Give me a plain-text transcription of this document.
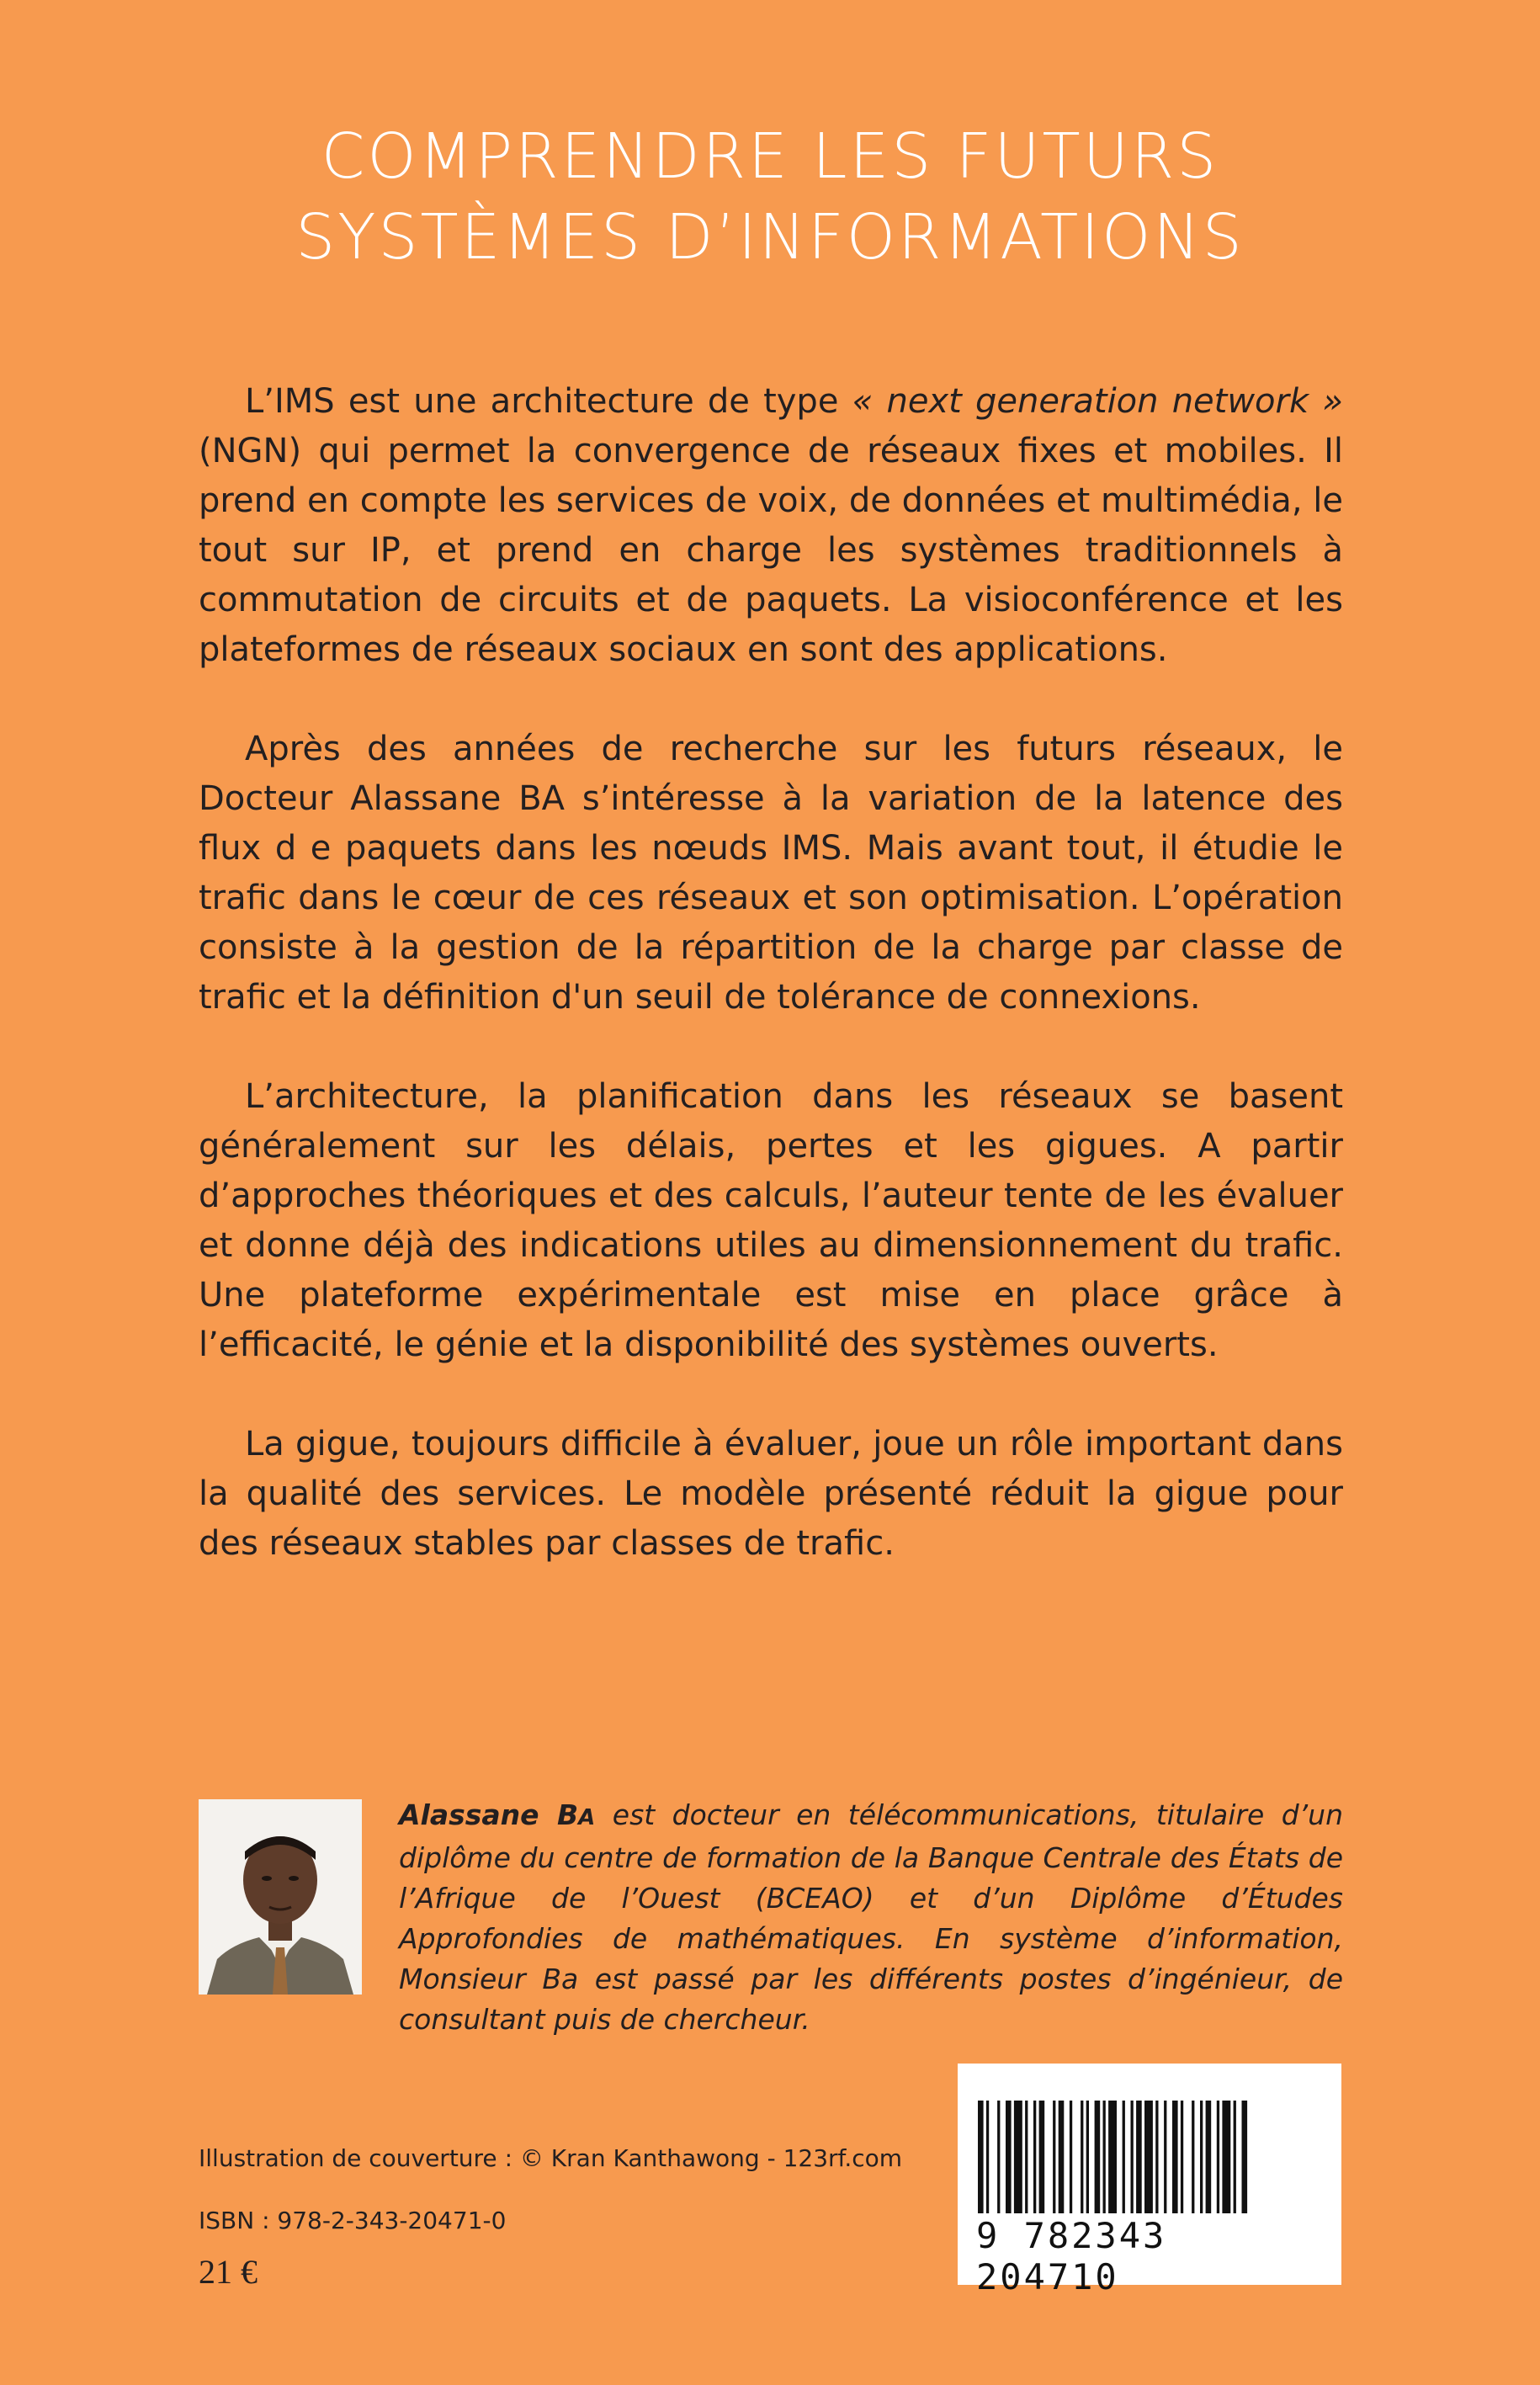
COMPRENDRE LES FUTURS
SYSTÈMES D’INFORMATIONS

L’IMS est une architecture de type « next generation network » (NGN) qui permet la convergence de réseaux fixes et mobiles. Il prend en compte les services de voix, de données et multimédia, le tout sur IP, et prend en charge les systèmes traditionnels à commutation de circuits et de paquets. La visioconférence et les plateformes de réseaux sociaux en sont des applications.

Après des années de recherche sur les futurs réseaux, le Docteur Alassane BA s’intéresse à la variation de la latence des flux d e paquets dans les nœuds IMS. Mais avant tout, il étudie le trafic dans le cœur de ces réseaux et son optimisation. L’opération consiste à la gestion de la répartition de la charge par classe de trafic et la définition d'un seuil de tolérance de connexions.

L’architecture, la planification dans les réseaux se basent généralement sur les délais, pertes et les gigues. A partir d’approches théoriques et des calculs, l’auteur tente de les évaluer et donne déjà des indications utiles au dimensionnement du trafic. Une plateforme expérimentale est mise en place grâce à l’efficacité, le génie et la disponibilité des systèmes ouverts.

La gigue, toujours difficile à évaluer, joue un rôle important dans la qualité des services. Le modèle présenté réduit la gigue pour des réseaux stables par classes de trafic.

Alassane BA est docteur en télécommunications, titulaire d’un diplôme du centre de formation de la Banque Centrale des États de l’Afrique de l’Ouest (BCEAO) et d’un Diplôme d’Études Approfondies de mathématiques. En système d’information, Monsieur Ba est passé par les différents postes d’ingénieur, de consultant puis de chercheur.
Illustration de couverture : © Kran Kanthawong - 123rf.com
ISBN : 978-2-343-20471-0
21 €
9 782343 204710
